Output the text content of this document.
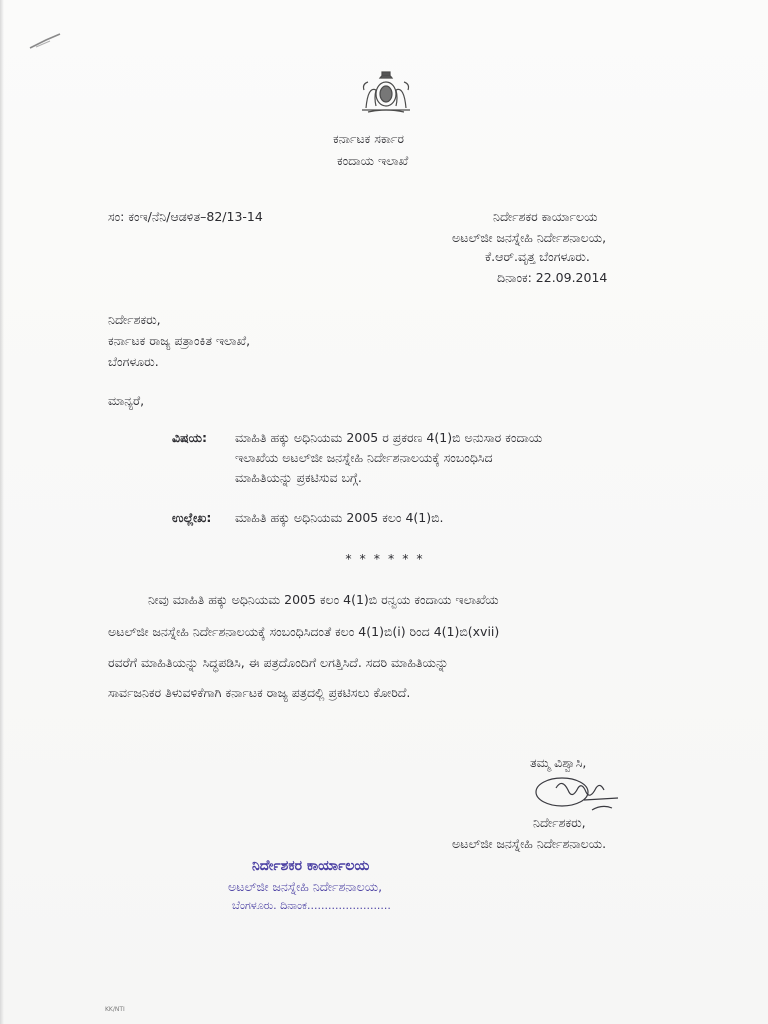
ಕರ್ನಾಟಕ ಸರ್ಕಾರ
ಕಂದಾಯ ಇಲಾಖೆ
ಸಂ: ಕಂಇ/ನೆನಿ/ಆಡಳಿತ–82/13-14	ನಿರ್ದೇಶಕರ ಕಾರ್ಯಾಲಯ
ಅಟಲ್‌ಜೀ ಜನಸ್ನೇಹಿ ನಿರ್ದೇಶನಾಲಯ,
ಕೆ.ಆರ್.ವೃತ್ತ ಬೆಂಗಳೂರು.
ದಿನಾಂಕ: 22.09.2014
ನಿರ್ದೇಶಕರು,
ಕರ್ನಾಟಕ ರಾಜ್ಯ ಪತ್ರಾಂಕಿತ ಇಲಾಖೆ,
ಬೆಂಗಳೂರು.
ಮಾನ್ಯರೆ,
ವಿಷಯ: ಮಾಹಿತಿ ಹಕ್ಕು ಅಧಿನಿಯಮ 2005 ರ ಪ್ರಕರಣ 4(1)ಬಿ ಅನುಸಾರ ಕಂದಾಯ
ಇಲಾಖೆಯ ಅಟಲ್‌ಜೀ ಜನಸ್ನೇಹಿ ನಿರ್ದೇಶನಾಲಯಕ್ಕೆ ಸಂಬಂಧಿಸಿದ
ಮಾಹಿತಿಯನ್ನು ಪ್ರಕಟಿಸುವ ಬಗ್ಗೆ.
ಉಲ್ಲೇಖ: ಮಾಹಿತಿ ಹಕ್ಕು ಅಧಿನಿಯಮ 2005 ಕಲಂ 4(1)ಬಿ.
* * * * * *
ನೀವು ಮಾಹಿತಿ ಹಕ್ಕು ಅಧಿನಿಯಮ 2005 ಕಲಂ 4(1)ಬಿ ರನ್ವಯ ಕಂದಾಯ ಇಲಾಖೆಯ
ಅಟಲ್‌ಜೀ ಜನಸ್ನೇಹಿ ನಿರ್ದೇಶನಾಲಯಕ್ಕೆ ಸಂಬಂಧಿಸಿದಂತೆ ಕಲಂ 4(1)ಬಿ(i) ರಿಂದ 4(1)ಬಿ(xvii)
ರವರೆಗೆ ಮಾಹಿತಿಯನ್ನು ಸಿದ್ಧಪಡಿಸಿ, ಈ ಪತ್ರದೊಂದಿಗೆ ಲಗತ್ತಿಸಿದೆ. ಸದರಿ ಮಾಹಿತಿಯನ್ನು
ಸಾರ್ವಜನಿಕರ ತಿಳುವಳಿಕೆಗಾಗಿ ಕರ್ನಾಟಕ ರಾಜ್ಯ ಪತ್ರದಲ್ಲಿ ಪ್ರಕಟಿಸಲು ಕೋರಿದೆ.
ತಮ್ಮ ವಿಶ್ವಾಸಿ,
ನಿರ್ದೇಶಕರು,
ಅಟಲ್‌ಜೀ ಜನಸ್ನೇಹಿ ನಿರ್ದೇಶನಾಲಯ.
ನಿರ್ದೇಶಕರ ಕಾರ್ಯಾಲಯ
ಅಟಲ್‌ಜೀ ಜನಸ್ನೇಹಿ ನಿರ್ದೇಶನಾಲಯ,
ಬೆಂಗಳೂರು. ದಿನಾಂಕ........................
KK/NTI
